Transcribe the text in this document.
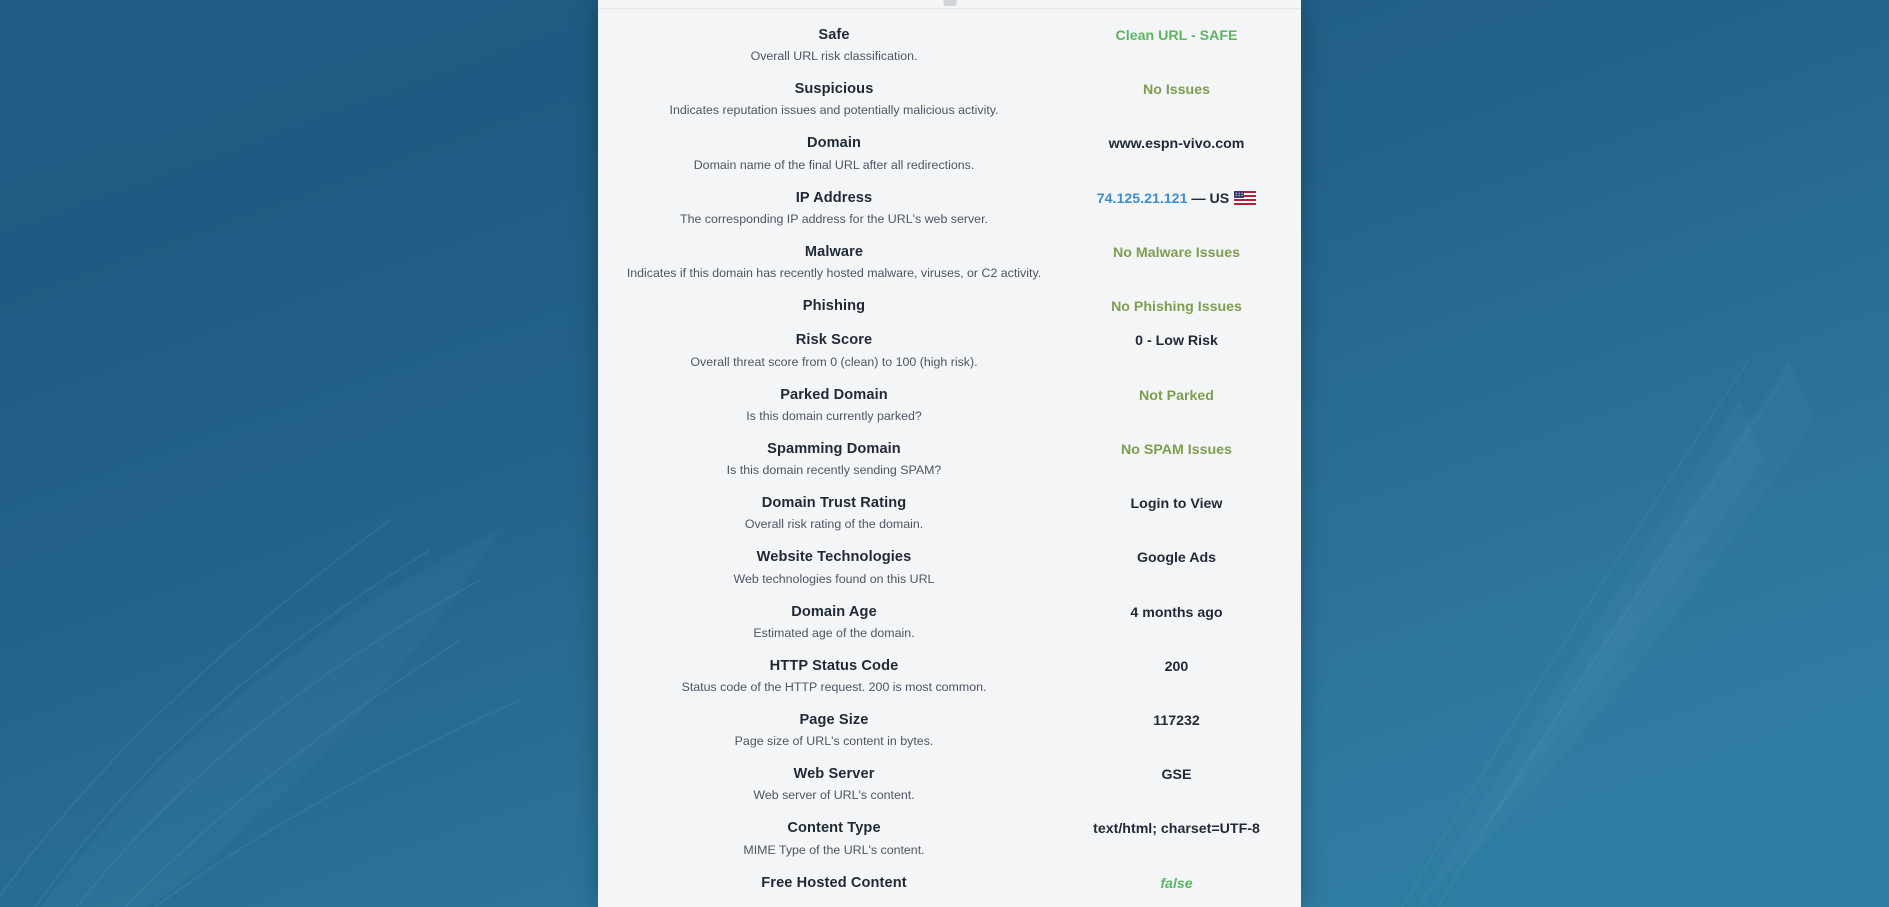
Safe
Overall URL risk classification.
Clean URL - SAFE
Suspicious
Indicates reputation issues and potentially malicious activity.
No Issues
Domain
Domain name of the final URL after all redirections.
www.espn-vivo.com
IP Address
The corresponding IP address for the URL's web server.
74.125.21.121 — US
Malware
Indicates if this domain has recently hosted malware, viruses, or C2 activity.
No Malware Issues
Phishing	No Phishing Issues
Risk Score
Overall threat score from 0 (clean) to 100 (high risk).
0 - Low Risk
Parked Domain
Is this domain currently parked?
Not Parked
Spamming Domain
Is this domain recently sending SPAM?
No SPAM Issues
Domain Trust Rating
Overall risk rating of the domain.
Login to View
Website Technologies
Web technologies found on this URL
Google Ads
Domain Age
Estimated age of the domain.
4 months ago
HTTP Status Code
Status code of the HTTP request. 200 is most common.
200
Page Size
Page size of URL's content in bytes.
117232
Web Server
Web server of URL's content.
GSE
Content Type
MIME Type of the URL's content.
text/html; charset=UTF-8
Free Hosted Content	false
